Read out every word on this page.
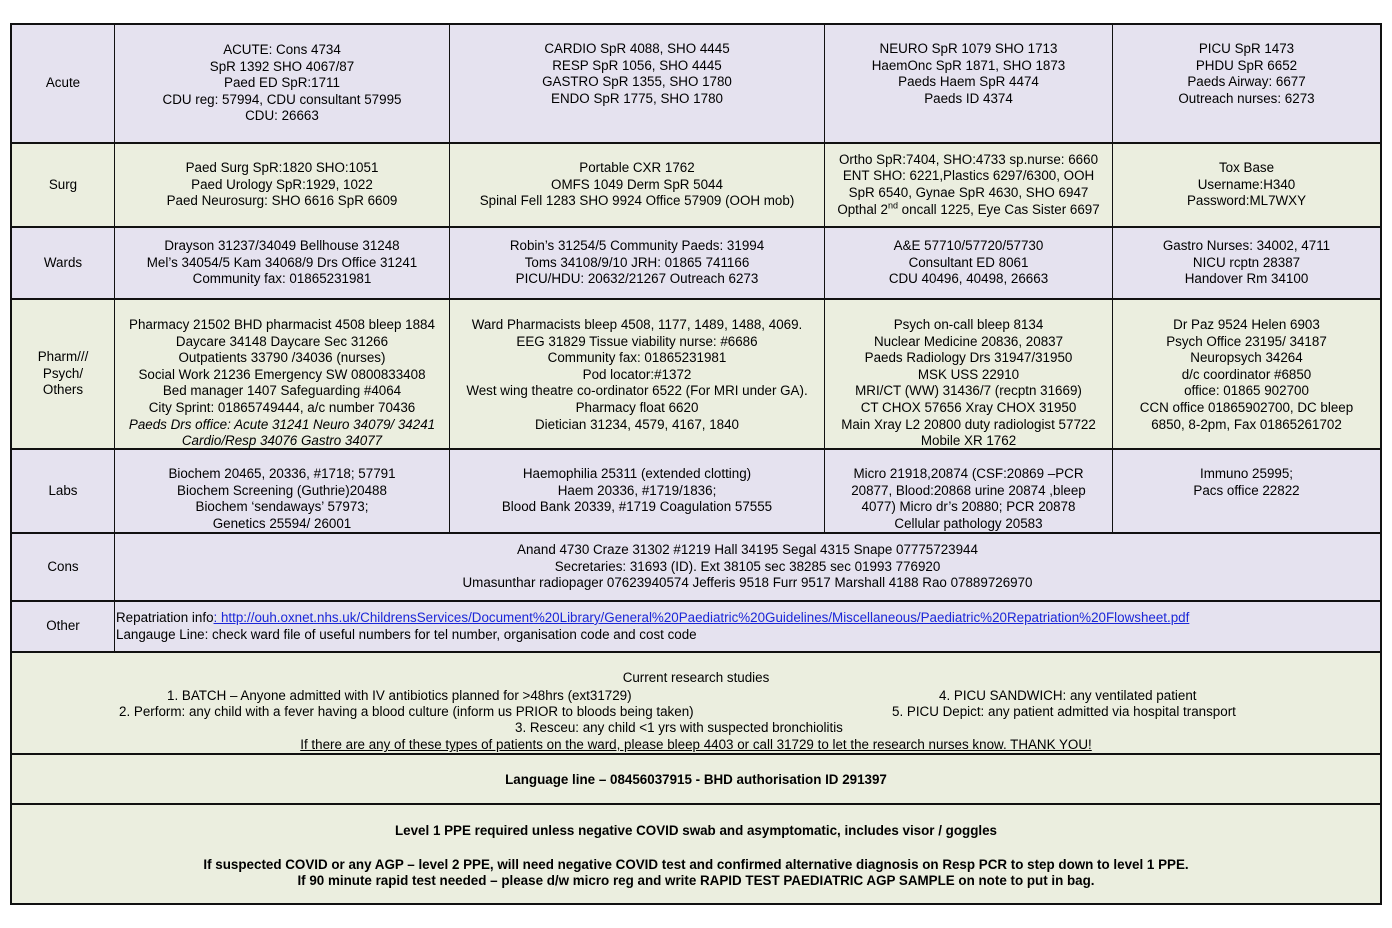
Acute
ACUTE: Cons 4734
SpR 1392 SHO 4067/87
Paed ED SpR:1711
CDU reg: 57994, CDU consultant 57995
CDU: 26663
CARDIO SpR 4088, SHO 4445
RESP SpR 1056, SHO 4445
GASTRO SpR 1355, SHO 1780
ENDO SpR 1775, SHO 1780
NEURO SpR 1079 SHO 1713
HaemOnc SpR 1871, SHO 1873
Paeds Haem SpR 4474
Paeds ID 4374
PICU SpR 1473
PHDU SpR 6652
Paeds Airway: 6677
Outreach nurses: 6273
Surg
Paed Surg SpR:1820 SHO:1051
Paed Urology SpR:1929, 1022
Paed Neurosurg: SHO 6616 SpR 6609
Portable CXR 1762
OMFS 1049 Derm SpR 5044
Spinal Fell 1283 SHO 9924 Office 57909 (OOH mob)
Ortho SpR:7404, SHO:4733 sp.nurse: 6660
ENT SHO: 6221,Plastics 6297/6300, OOH
SpR 6540, Gynae SpR 4630, SHO 6947
Opthal 2nd oncall 1225, Eye Cas Sister 6697
Tox Base
Username:H340
Password:ML7WXY
Wards
Drayson 31237/34049 Bellhouse 31248
Mel’s 34054/5 Kam 34068/9 Drs Office 31241
Community fax: 01865231981
Robin’s 31254/5 Community Paeds: 31994
Toms 34108/9/10 JRH: 01865 741166
PICU/HDU: 20632/21267 Outreach 6273
A&E 57710/57720/57730
Consultant ED 8061
CDU 40496, 40498, 26663
Gastro Nurses: 34002, 4711
NICU rcptn 28387
Handover Rm 34100
Pharm///
Psych/
Others
Pharmacy 21502 BHD pharmacist 4508 bleep 1884
Daycare 34148 Daycare Sec 31266
Outpatients 33790 /34036 (nurses)
Social Work 21236 Emergency SW 0800833408
Bed manager 1407 Safeguarding #4064
City Sprint: 01865749444, a/c number 70436
Paeds Drs office: Acute 31241 Neuro 34079/ 34241
Cardio/Resp 34076 Gastro 34077
Ward Pharmacists bleep 4508, 1177, 1489, 1488, 4069.
EEG 31829 Tissue viability nurse: #6686
Community fax: 01865231981
Pod locator:#1372
West wing theatre co-ordinator 6522 (For MRI under GA).
Pharmacy float 6620
Dietician 31234, 4579, 4167, 1840
Psych on-call bleep 8134
Nuclear Medicine 20836, 20837
Paeds Radiology Drs 31947/31950
MSK USS 22910
MRI/CT (WW) 31436/7 (recptn 31669)
CT CHOX 57656 Xray CHOX 31950
Main Xray L2 20800 duty radiologist 57722
Mobile XR 1762
Dr Paz 9524 Helen 6903
Psych Office 23195/ 34187
Neuropsych 34264
d/c coordinator #6850
office: 01865 902700
CCN office 01865902700, DC bleep
6850, 8-2pm, Fax 01865261702
Labs
Biochem 20465, 20336, #1718; 57791
Biochem Screening (Guthrie)20488
Biochem ‘sendaways’ 57973;
Genetics 25594/ 26001
Haemophilia 25311 (extended clotting)
Haem 20336, #1719/1836;
Blood Bank 20339, #1719 Coagulation 57555
Micro 21918,20874 (CSF:20869 –PCR
20877, Blood:20868 urine 20874 ,bleep
4077) Micro dr’s 20880; PCR 20878
Cellular pathology 20583
Immuno 25995;
Pacs office 22822
Cons
Anand 4730 Craze 31302 #1219 Hall 34195 Segal 4315 Snape 07775723944
Secretaries: 31693 (ID). Ext 38105 sec 38285 sec 01993 776920
Umasunthar radiopager 07623940574 Jefferis 9518 Furr 9517 Marshall 4188 Rao 07889726970
Other
Repatriation info: http://ouh.oxnet.nhs.uk/ChildrensServices/Document%20Library/General%20Paediatric%20Guidelines/Miscellaneous/Paediatric%20Repatriation%20Flowsheet.pdf
Langauge Line: check ward file of useful numbers for tel number, organisation code and cost code
Current research studies
1. BATCH – Anyone admitted with IV antibiotics planned for >48hrs (ext31729)	4. PICU SANDWICH: any ventilated patient
2. Perform: any child with a fever having a blood culture (inform us PRIOR to bloods being taken)	5. PICU Depict: any patient admitted via hospital transport
3. Resceu: any child <1 yrs with suspected bronchiolitis
If there are any of these types of patients on the ward, please bleep 4403 or call 31729 to let the research nurses know. THANK YOU!
Language line – 08456037915 - BHD authorisation ID 291397
Level 1 PPE required unless negative COVID swab and asymptomatic, includes visor / goggles
If suspected COVID or any AGP – level 2 PPE, will need negative COVID test and confirmed alternative diagnosis on Resp PCR to step down to level 1 PPE.
If 90 minute rapid test needed – please d/w micro reg and write RAPID TEST PAEDIATRIC AGP SAMPLE on note to put in bag.
